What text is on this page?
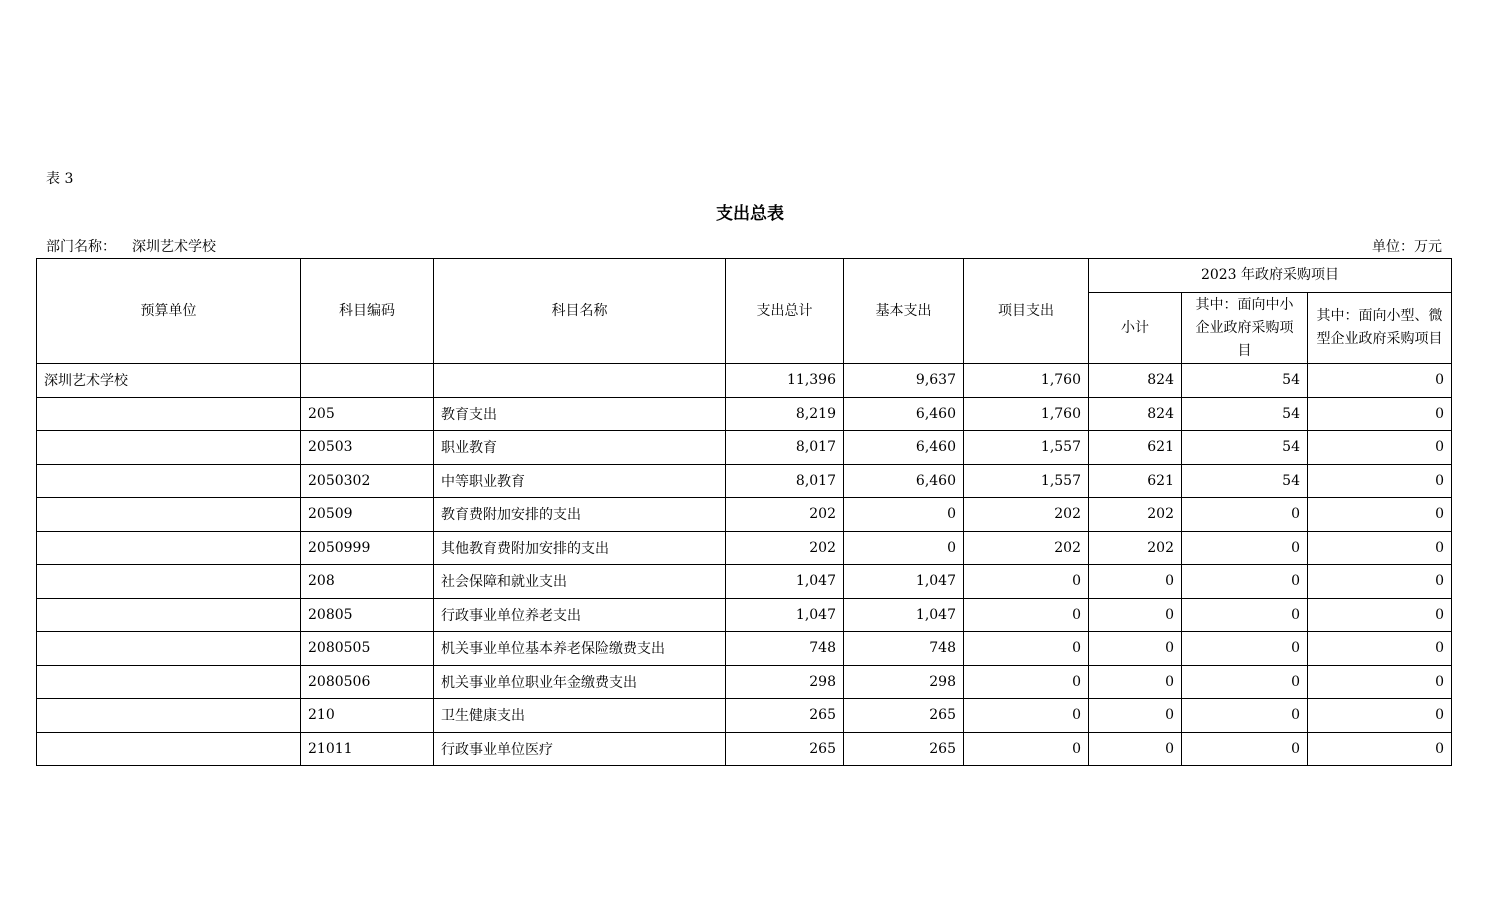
表 3
支出总表
部门名称： 深圳艺术学校	单位：万元
预算单位	科目编码	科目名称	支出总计	基本支出	项目支出	2023 年政府采购项目		
						小计	其中：面向中小企业政府采购项目	其中：面向小型、微型企业政府采购项目
深圳艺术学校			11,396	9,637	1,760	824	54	0
	205	教育支出	8,219	6,460	1,760	824	54	0
	20503	职业教育	8,017	6,460	1,557	621	54	0
	2050302	中等职业教育	8,017	6,460	1,557	621	54	0
	20509	教育费附加安排的支出	202	0	202	202	0	0
	2050999	其他教育费附加安排的支出	202	0	202	202	0	0
	208	社会保障和就业支出	1,047	1,047	0	0	0	0
	20805	行政事业单位养老支出	1,047	1,047	0	0	0	0
	2080505	机关事业单位基本养老保险缴费支出	748	748	0	0	0	0
	2080506	机关事业单位职业年金缴费支出	298	298	0	0	0	0
	210	卫生健康支出	265	265	0	0	0	0
	21011	行政事业单位医疗	265	265	0	0	0	0
